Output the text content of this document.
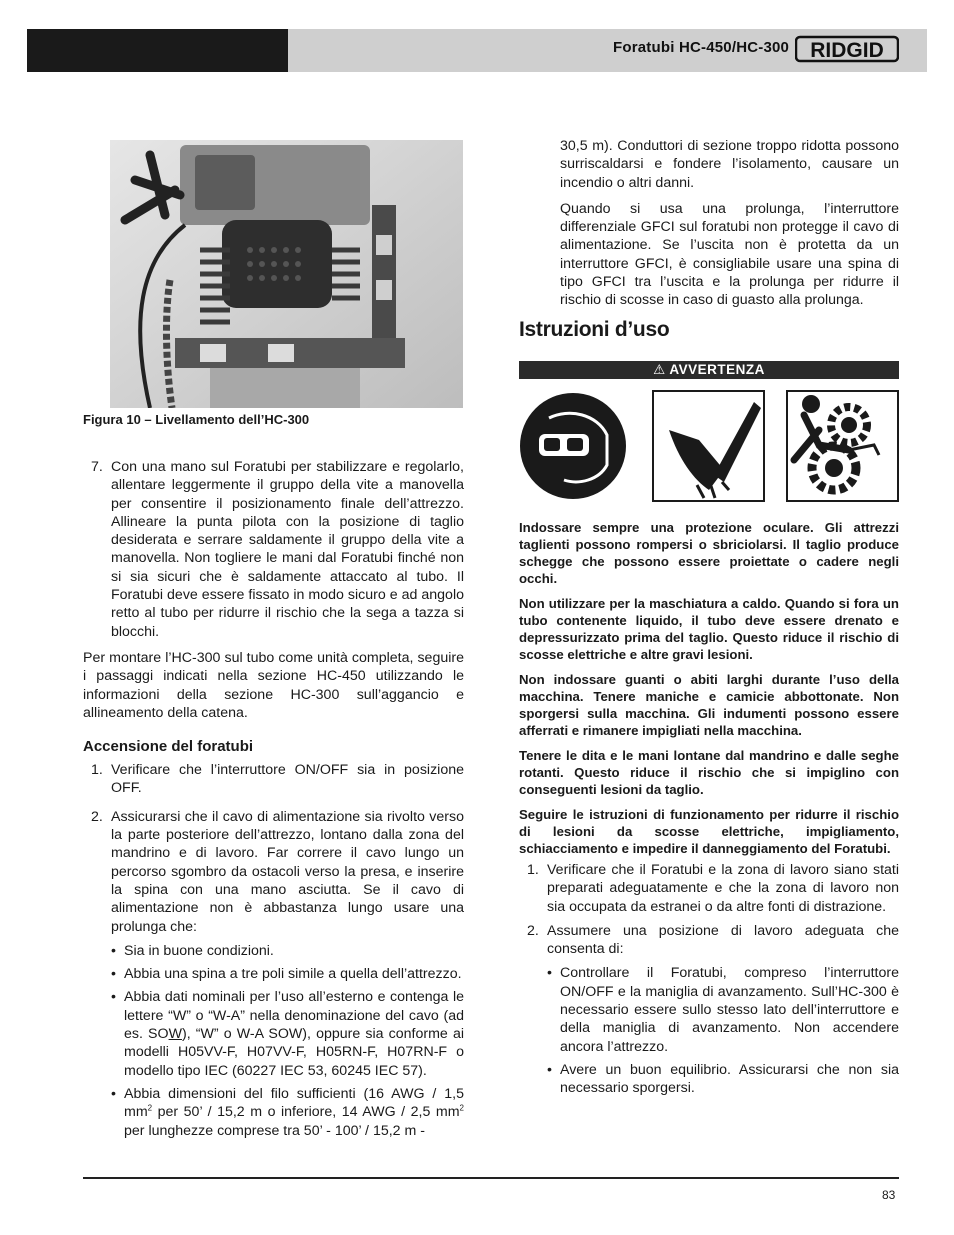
Foratubi HC-450/HC-300 RIDGID
Figura 10 – Livellamento dell’HC-300
7. Con una mano sul Foratubi per stabilizzare e regolarlo, allentare leggermente il gruppo della vite a manovella per consentire il posizionamento finale dell’attrezzo. Allineare la punta pilota con la posizione di taglio desiderata e serrare saldamente il gruppo della vite a manovella. Non togliere le mani dal Foratubi finché non si sia sicuri che è saldamente attaccato al tubo. Il Foratubi deve essere fissato in modo sicuro e ad angolo retto al tubo per ridurre il rischio che la sega a tazza si blocchi.

Per montare l’HC-300 sul tubo come unità completa, seguire i passaggi indicati nella sezione HC-450 utilizzando le informazioni della sezione HC-300 sull’aggancio e allineamento della catena.

Accensione del foratubi

1. Verificare che l’interruttore ON/OFF sia in posizione OFF.
2. Assicurarsi che il cavo di alimentazione sia rivolto verso la parte posteriore dell’attrezzo, lontano dalla zona del mandrino e di lavoro. Far correre il cavo lungo un percorso sgombro da ostacoli verso la presa, e inserire la spina con una mano asciutta. Se il cavo di alimentazione non è abbastanza lungo usare una prolunga che:
• Sia in buone condizioni.
• Abbia una spina a tre poli simile a quella dell’attrezzo.
• Abbia dati nominali per l’uso all’esterno e contenga le lettere “W” o “W-A” nella denominazione del cavo (ad es. SOW), “W” o W-A SOW), oppure sia conforme ai modelli H05VV-F, H07VV-F, H05RN-F, H07RN-F o modello tipo IEC (60227 IEC 53, 60245 IEC 57).
• Abbia dimensioni del filo sufficienti (16 AWG / 1,5 $mm^2$ per 50’ / 15,2 m o inferiore, 14 AWG / 2,5 $mm^2$ per lunghezze comprese tra 50’ - 100’ / 15,2 m -

30,5 m). Conduttori di sezione troppo ridotta possono surriscaldarsi e fondere l’isolamento, causare un incendio o altri danni.

Quando si usa una prolunga, l’interruttore differenziale GFCI sul foratubi non protegge il cavo di alimentazione. Se l’uscita non è protetta da un interruttore GFCI, è consigliabile usare una spina di tipo GFCI tra l’uscita e la prolunga per ridurre il rischio di scosse in caso di guasto alla prolunga.

Istruzioni d’uso

⚠ AVVERTENZA

Indossare sempre una protezione oculare. Gli attrezzi taglienti possono rompersi o sbriciolarsi. Il taglio produce schegge che possono essere proiettate o cadere negli occhi.

Non utilizzare per la maschiatura a caldo. Quando si fora un tubo contenente liquido, il tubo deve essere drenato e depressurizzato prima del taglio. Questo riduce il rischio di scosse elettriche e altre gravi lesioni.

Non indossare guanti o abiti larghi durante l’uso della macchina. Tenere maniche e camicie abbottonate. Non sporgersi sulla macchina. Gli indumenti possono essere afferrati e rimanere impigliati nella macchina.

Tenere le dita e le mani lontane dal mandrino e dalle seghe rotanti. Questo riduce il rischio che si impiglino con conseguenti lesioni da taglio.

Seguire le istruzioni di funzionamento per ridurre il rischio di lesioni da scosse elettriche, impigliamento, schiacciamento e impedire il danneggiamento del Foratubi.

1. Verificare che il Foratubi e la zona di lavoro siano stati preparati adeguatamente e che la zona di lavoro non sia occupata da estranei o da altre fonti di distrazione.
2. Assumere una posizione di lavoro adeguata che consenta di:
• Controllare il Foratubi, compreso l’interruttore ON/OFF e la maniglia di avanzamento. Sull’HC-300 è necessario essere sullo stesso lato dell’interruttore e della maniglia di avanzamento. Non accendere ancora l’attrezzo.
• Avere un buon equilibrio. Assicurarsi che non sia necessario sporgersi.
83
